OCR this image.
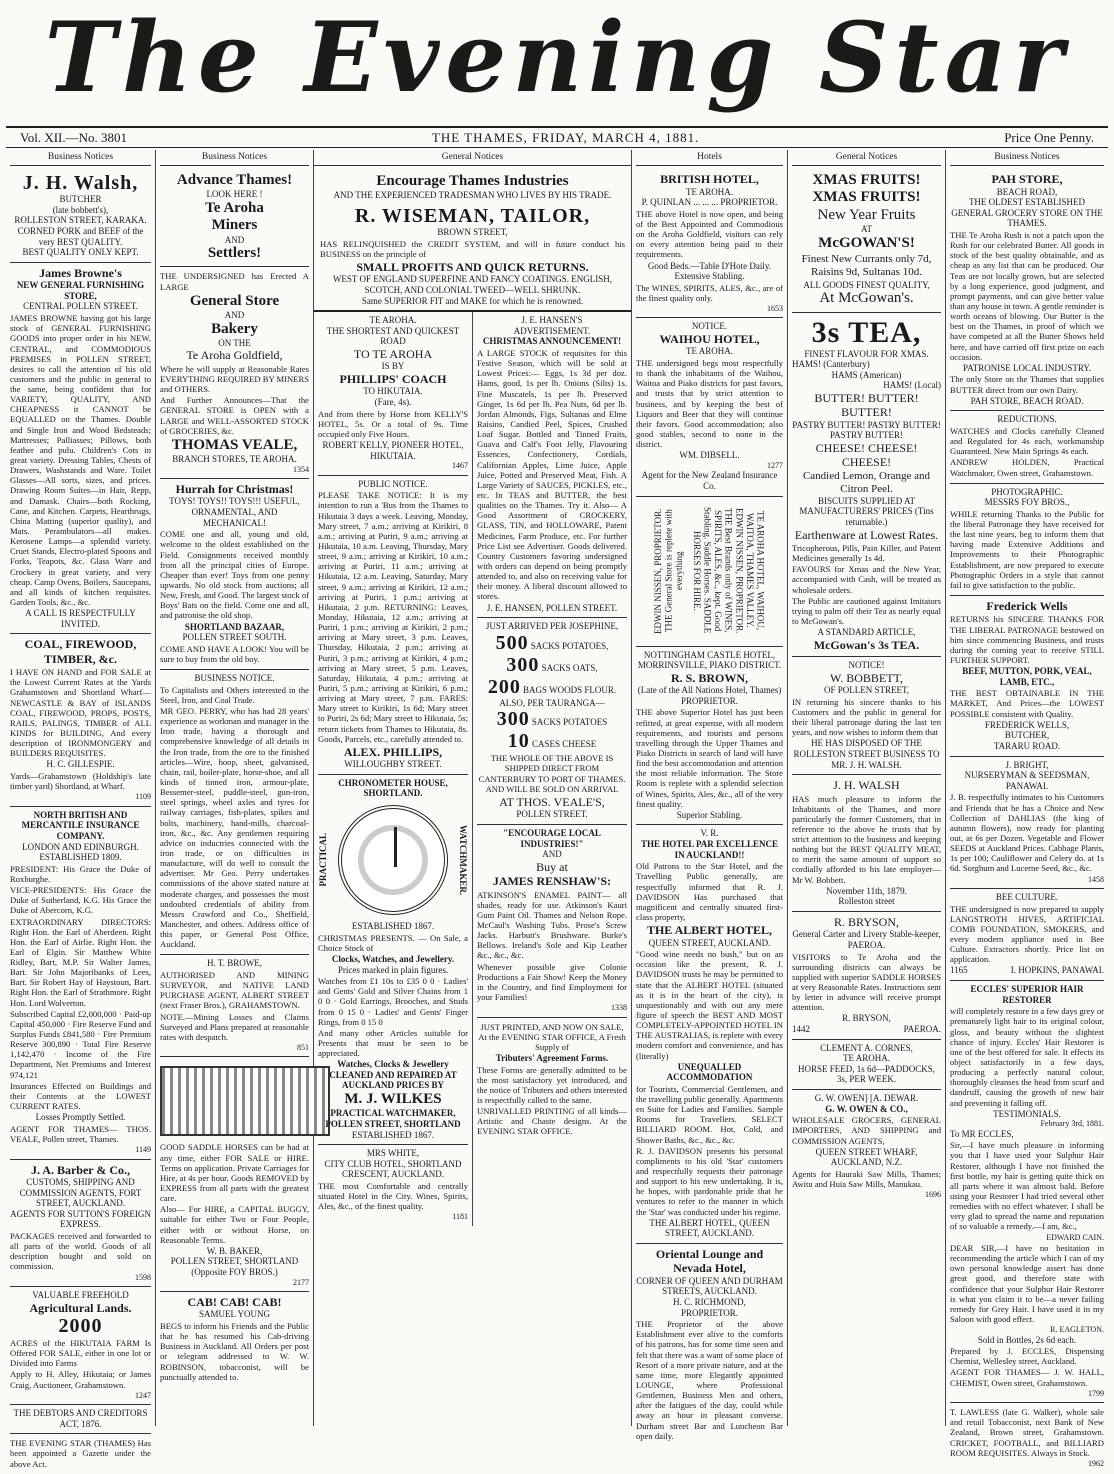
The Evening Star
Vol. XII.—No. 3801	THE THAMES, FRIDAY, MARCH 4, 1881.	Price One Penny.
Business Notices
J. H. Walsh,
BUTCHER
(late bobbett's),
ROLLESTON STREET, KARAKA.
CORNED PORK and BEEF of the very BEST QUALITY.
BEST QUALITY ONLY KEPT.
James Browne's
NEW GENERAL FURNISHING STORE,
CENTRAL POLLEN STREET.

JAMES BROWNE having got his large stock of GENERAL FURNISHING GOODS into proper order in his NEW, CENTRAL, and COMMODIOUS PREMISES in POLLEN STREET, desires to call the attention of his old customers and the public in general to the same, being confident that for VARIETY, QUALITY, AND CHEAPNESS it CANNOT be EQUALLED on the Thames. Double and Single Iron and Wood Bedsteads; Mattresses; Palliasses; Pillows, both feather and pulu. Children's Cots in great variety. Dressing Tables, Chests of Drawers, Washstands and Ware. Toilet Glasses—All sorts, sizes, and prices. Drawing Room Suites—in Hair, Repp, and Damask. Chairs—both Rocking, Cane, and Kitchen. Carpets, Hearthrugs, China Matting (superior quality), and Mats. Perambulators—all makes. Kerosene Lamps—a splendid variety. Cruet Stands, Electro-plated Spoons and Forks, Teapots, &c. Glass Ware and Crockery in great variety, and very cheap. Camp Ovens, Boilers, Saucepans, and all kinds of kitchen requisites. Garden Tools, &c., &c.

A CALL IS RESPECTFULLY INVITED.
COAL, FIREWOOD, TIMBER, &c.

I HAVE ON HAND and FOR SALE at the Lowest Current Rates at the Yards Grahamstown and Shortland Wharf— NEWCASTLE & BAY of ISLANDS COAL, FIREWOOD, PROPS, POSTS, RAILS, PALINGS, TIMBER of ALL KINDS for BUILDING, And every description of IRONMONGERY and BUILDERS REQUISITES.

H. C. GILLESPIE.

Yards—Grahamstown (Holdship's late timber yard) Shortland, at Wharf.

1109
NORTH BRITISH AND MERCANTILE INSURANCE COMPANY.
LONDON AND EDINBURGH.
ESTABLISHED 1809.

PRESIDENT: His Grace the Duke of Roxburghe.

VICE-PRESIDENTS: His Grace the Duke of Sutherland, K.G. His Grace the Duke of Abercorn, K.G.

EXTRAORDINARY DIRECTORS: Right Hon. the Earl of Aberdeen. Right Hon. the Earl of Airlie. Right Hon. the Earl of Elgin. Sir Matthew White Ridley, Bart, M.P. Sir Walter James, Bart. Sir John Majoribanks of Lees, Bart. Sir Robert Hay of Haystoun, Bart. Right Hon. the Earl of Strathmore. Right Hon. Lord Wolverton.

Subscribed Capital £2,000,000 · Paid-up Capital 450,000 · Fire Reserve Fund and Surplus Funds £841,580 · Fire Premium Reserve 300,890 · Total Fire Reserve 1,142,470 · Income of the Fire Department, Net Premiums and Interest 974,121

Insurances Effected on Buildings and their Contents at the LOWEST CURRENT RATES.

Losses Promptly Settled.

AGENT FOR THAMES— THOS. VEALE, Pollen street, Thames.

1149
J. A. Barber & Co.,
CUSTOMS, SHIPPING AND COMMISSION AGENTS, FORT STREET, AUCKLAND.
AGENTS FOR SUTTON'S FOREIGN EXPRESS.

PACKAGES received and forwarded to all parts of the world. Goods of all description bought and sold on commission.

1598
VALUABLE FREEHOLD
Agricultural Lands.
2000

ACRES of the HIKUTAIA FARM Is Offered FOR SALE, either in one lot or Divided into Farms

Apply to H. Alley, Hikutaia; or James Craig, Auctioneer, Grahamstown.

1247
THE DEBTORS AND CREDITORS ACT, 1876.

THE EVENING STAR (THAMES) Has been appointed a Gazette under the above Act.

Business Notices
Advance Thames!
LOOK HERE !
Te Aroha
Miners
AND
Settlers!

THE UNDERSIGNED has Erected A LARGE

General Store
AND
Bakery
ON THE
Te Aroha Goldfield,

Where he will supply at Reasonable Rates EVERYTHING REQUIRED BY MINERS and OTHERS.

And Further Announces—That the GENERAL STORE is OPEN with a LARGE and WELL-ASSORTED STOCK of GROCERIES, &c.

THOMAS VEALE,
BRANCH STORES, TE AROHA.
1354
Hurrah for Christmas!
TOYS! TOYS!! TOYS!!! USEFUL, ORNAMENTAL, AND MECHANICAL!

COME one and all, young and old, welcome to the oldest established on the Field. Consignments received monthly from all the principal cities of Europe. Cheaper than ever! Toys from one penny upwards. No old stock from auctions; all New, Fresh, and Good. The largest stock of Boys' Bats on the field. Come one and all, and patronise the old shop.

SHORTLAND BAZAAR,
POLLEN STREET SOUTH.

COME AND HAVE A LOOK! You will be sure to buy from the old boy.

BUSINESS NOTICE.

To Capitalists and Others interested in the Steel, Iron, and Coal Trade.

MR GEO. PERRY, who has had 28 years' experience as workman and manager in the Iron trade, having a thorough and comprehensive knowledge of all details in the Iron trade, from the ore to the finished articles—Wire, hoop, sheet, galvanised, chain, rail, boiler-plate, horse-shoe, and all kinds of tinned iron, armour-plate, Bessemer-steel, puddle-steel, gun-iron, steel springs, wheel axles and tyres for railway carriages, fish-plates, spikes and bolts, machinery, hand-mills, charcoal-iron, &c., &c. Any gentlemen requiring advice on inductries connected with the iron trade, or on difficulties in manufacture, will do well to consult the advertiser. Mr Geo. Perry undertakes commissions of the above stated nature at moderate charges, and possesses the most undoubted credentials of ability from Messrs Crawford and Co., Sheffield, Manchester, and others. Address office of this paper, or General Post Office, Auckland.

H. T. BROWE,

AUTHORISED AND MINING SURVEYOR, and NATIVE LAND PURCHASE AGENT, ALBERT STREET (next Fraser Bros.), GRAHAMSTOWN.

NOTE.—Mining Losses and Claims Surveyed and Plans prepared at reasonable rates with despatch.

851

GOOD SADDLE HORSES can be had at any time, either FOR SALE or HIRE. Terms on application. Private Carriages for Hire, at 4s per hour. Goods REMOVED by EXPRESS from all parts with the greatest care.

Also— For HIRE, a CAPITAL BUGGY, suitable for either Two or Four People, either with or without Horse, on Reasonable Terms.

W. B. BAKER,
POLLEN STREET, SHORTLAND (Opposite FOY BROS.)
2177
CAB! CAB! CAB!
SAMUEL YOUNG

BEGS to inform his Friends and the Public that he has resumed his Cab-driving Business in Auckland. All Orders per post or telegram addressed to W. W. ROBINSON, tobacconist, will be punctually attended to.

General Notices
Encourage Thames Industries
AND THE EXPERIENCED TRADESMAN WHO LIVES BY HIS TRADE.
R. WISEMAN, TAILOR,
BROWN STREET,

HAS RELINQUISHED the CREDIT SYSTEM, and will in future conduct his BUSINESS on the principle of

SMALL PROFITS AND QUICK RETURNS.
WEST OF ENGLAND SUPERFINE AND FANCY COATINGS. ENGLISH, SCOTCH, AND COLONIAL TWEED—WELL SHRUNK.
Same SUPERIOR FIT and MAKE for which he is renowned.
TE AROHA.
THE SHORTEST AND QUICKEST ROAD
TO TE AROHA
IS BY
PHILLIPS' COACH
TO HIKUTAIA.
(Fare, 4s).

And from there by Horse from KELLY'S HOTEL, 5s. Or a total of 9s. Time occupied only Five Hours.

ROBERT KELLY, PIONEER HOTEL, HIKUTAIA.
1467
PUBLIC NOTICE.

PLEASE TAKE NOTICE: It is my intention to run a 'Bus from the Thames to Hikutaia 3 days a week. Leaving, Monday, Mary street, 7 a.m.; arriving at Kirikiri, 8 a.m.; arriving at Puriri, 9 a.m.; arriving at Hikutaia, 10 a.m. Leaving, Thursday, Mary street, 9 a.m.; arriving at Kirikiri, 10 a.m.; arriving at Puriri, 11 a.m.; arriving at Hikutaia, 12 a.m. Leaving, Saturday, Mary street, 9 a.m.; arriving at Kirikiri, 12 a.m.; arriving at Puriri, 1 p.m.; arriving at Hikutaia, 2 p.m. RETURNING: Leaves, Monday, Hikutaia, 12 a.m.; arriving at Puriri, 1 p.m.; arriving at Kirikiri, 2 p.m.; arriving at Mary street, 3 p.m. Leaves, Thursday, Hikutaia, 2 p.m.; arriving at Puriri, 3 p.m.; arriving at Kirikiri, 4 p.m.; arriving at Mary street, 5 p.m. Leaves, Saturday, Hikutaia, 4 p.m.; arriving at Puriri, 5 p.m.; arriving at Kirikiri, 6 p.m.; arriving at Mary street, 7 p.m. FARES: Mary street to Kirikiri, 1s 6d; Mary street to Puriri, 2s 6d; Mary street to Hikutaia, 5s; return tickets from Thames to Hikutaia, 8s. Goods, Parcels, etc., carefully attended to.

ALEX. PHILLIPS,
WILLOUGHBY STREET.
CHRONOMETER HOUSE, SHORTLAND.
PRACTICAL	WATCHMAKER.
ESTABLISHED 1867.

CHRISTMAS PRESENTS. — On Sale, a Choice Stock of

Clocks, Watches, and Jewellery.
Prices marked in plain figures.

Watches from £1 10s to £35 0 0 · Ladies' and Gents' Gold and Silver Chains from 1 0 0 · Gold Earrings, Brooches, and Studs from 0 15 0 · Ladies' and Gents' Finger Rings, from 0 15 0

And many other Articles suitable for Presents that must be seen to be appreciated.

Watches, Clocks & Jewellery CLEANED AND REPAIRED AT AUCKLAND PRICES BY
M. J. WILKES
PRACTICAL WATCHMAKER, POLLEN STREET, SHORTLAND
ESTABLISHED 1867.
MRS WHITE,
CITY CLUB HOTEL, SHORTLAND CRESCENT, AUCKLAND.

THE most Comfortable and centrally situated Hotel in the City. Wines, Spirits, Ales, &c., of the finest quality.

1181
J. E. HANSEN'S
ADVERTISEMENT.
CHRISTMAS ANNOUNCEMENT!

A LARGE STOCK of requisites for this Festive Season, which will be sold at Lowest Prices:— Eggs, 1s 3d per doz. Hams, good, 1s per lb. Onions (Silts) 1s. Fine Muscatels, 1s per lb. Preserved Ginger, 1s 6d per lb. Pea Nuts, 6d per lb. Jordan Almonds, Figs, Sultanas and Elme Raisins, Candied Peel, Spices, Crushed Loaf Sugar. Bottled and Tinned Fruits, Guava and Calf's Foot Jelly, Flavouring Essences, Confectionery, Cordials, Californian Apples, Lime Juice, Apple Juice, Potted and Preserved Meat, Fish. A Large Variety of SAUCES, PICKLES, etc., etc. In TEAS and BUTTER, the best qualities on the Thames. Try it. Also— A Good Assortment of CROCKERY, GLASS, TIN, and HOLLOWARE, Patent Medicines, Farm Produce, etc. For further Price List see Advertiser. Goods delivered. Country Customers favoring undersigned with orders can depend on being promptly attended to, and also on receiving value for their money. A liberal discount allowed to stores.

J. E. HANSEN, POLLEN STREET.
JUST ARRIVED PER JOSEPHINE,
500 SACKS POTATOES,
300 SACKS OATS,
200 BAGS WOODS FLOUR.
ALSO, PER TAURANGA—
300 SACKS POTATOES
10 CASES CHEESE

THE WHOLE OF THE ABOVE IS SHIPPED DIRECT FROM CANTERBURY TO PORT OF THAMES. AND WILL BE SOLD ON ARRIVAL

AT THOS. VEALE'S,
POLLEN STREET.
"ENCOURAGE LOCAL INDUSTRIES!"
AND
Buy at
JAMES RENSHAW'S:

ATKINSON'S ENAMEL PAINT— all shades, ready for use. Atkinson's Kauri Gum Paint Oil. Thames and Nelson Rope. McCaul's Washing Tubs. Prose's Screw Jacks. Harbutt's Brushware. Burke's Bellows. Ireland's Sole and Kip Leather &c., &c., &c.

Whenever possible give Colonie Productions a Fair Show! Keep the Money in the Country, and find Employment for your Families!

1338

JUST PRINTED, AND NOW ON SALE, At the EVENING STAR OFFICE, A Fresh Supply of

Tributers' Agreement Forms.

These Forms are generally admitted to be the most satisfactory yet introduced, and the notice of Tributers and others interested is respectfully called to the same.

UNRIVALLED PRINTING of all kinds—Artistic and Chaste designs. At the EVENING STAR OFFICE.

Hotels
BRITISH HOTEL,
TE AROHA.
P. QUINLAN ... ... ... PROPRIETOR.

THE above Hotel is now open, and being of the Best Appointed and Commodious on the Aroha Goldfield, visitors can rely on every attention being paid to their requirements.

Good Beds.—Table D'Hote Daily.
Extensive Stabling.

The WINES, SPIRITS, ALES, &c., are of the finest quality only.

1653
NOTICE.
WAIHOU HOTEL,
TE AROHA.

THE undersigned begs most respectfully to thank the inhabitants of the Waihou, Waitoa and Piako districts for past favors, and trusts that by strict attention to business, and by keeping the best of Liquors and Beer that they will continue their favors. Good accommodation; also good stables, second to none in the district.

WM. DIBSELL.
1277
Agent for the New Zealand Insurance Co.
EDWIN NISSEN, PROPRIETOR. THE General Store is replete with everything	TE AROHA HOTEL, WAIHOU, WAITOA, THAMES VALLEY. EDWIN NISSEN, PROPRIETOR. THE Best Brands only of WINES, SPIRITS, ALES, &c., kept. Good Stabling. Saddle Horses. SADDLE HORSES FOR HIRE.
NOTTINGHAM CASTLE HOTEL, MORRINSVILLE, PIAKO DISTRICT.
R. S. BROWN,
(Late of the All Nations Hotel, Thames) PROPRIETOR.

THE above Superior Hotel has just been refitted, at great expense, with all modern requirements, and tourists and persons travelling through the Upper Thames and Piako Districts in search of land will have find the best accommodation and attention the most reliable information. The Store Room is replete with a splendid selection of Wines, Spirits, Ales, &c., all of the very finest quality.

Superior Stabling.
V. R.
THE HOTEL PAR EXCELLENCE IN AUCKLAND!!

Old Patrons to the Star Hotel, and the Travelling Public generally, are respectfully informed that R. J. DAVIDSON Has purchased that magnificent and centrally situated first-class property,

THE ALBERT HOTEL,
QUEEN STREET, AUCKLAND.

"Good wine needs no bush," but on an occasion like the present, R. J. DAVIDSON trusts he may be permitted to state that the ALBERT HOTEL (situated as it is in the heart of the city), is unquestionably and with out any mere figure of speech the BEST AND MOST COMPLETELY-APPOINTED HOTEL IN THE AUSTRALIAS, is replete with every modern comfort and convenience, and has (literally)

UNEQUALLED ACCOMMODATION

for Tourists, Commercial Gentlemen, and the travelling public generally. Apartments en Suite for Ladies and Families. Sample Rooms for Travellers. SELECT BILLIARD ROOM. Hot, Cold, and Shower Baths, &c., &c., &c.

R. J. DAVIDSON presents his personal compliments to his old 'Star' customers and respectfully requests their patronage and support to his new undertaking. It is, he hopes, with pardonable pride that he ventures to refer to the manner in which the 'Star' was conducted under his regime.

THE ALBERT HOTEL, QUEEN STREET, AUCKLAND.
Oriental Lounge and Nevada Hotel,
CORNER OF QUEEN AND DURHAM STREETS, AUCKLAND.
H. C. RICHMOND,
PROPRIETOR.

THE Proprietor of the above Establishment ever alive to the comforts of his patrons, has for some time seen and felt that there was a want of some place of Resort of a more private nature, and at the same time, more Elegantly appointed LOUNGE, where Professional Gentlemen, Business Men and others, after the fatigues of the day, could while away an hour in pleasant converse. Durham street Bar and Luncheon Bar open daily.

General Notices
XMAS FRUITS!
XMAS FRUITS!
New Year Fruits
AT
McGOWAN'S!

Finest New Currants only 7d, Raisins 9d, Sultanas 10d.

ALL GOODS FINEST QUALITY,
At McGowan's.
3s TEA,
FINEST FLAVOUR FOR XMAS.
HAMS! (Canterbury)
HAMS (American)
HAMS! (Local)
BUTTER! BUTTER! BUTTER!
PASTRY BUTTER! PASTRY BUTTER! PASTRY BUTTER!
CHEESE! CHEESE! CHEESE!
Candied Lemon, Orange and Citron Peel.
BISCUITS SUPPLIED AT MANUFACTURERS' PRICES (Tins returnable.)
Earthenware at Lowest Rates.

Tricopherous, Pills, Pain Killer, and Patent Medicines generally 1s 4d.

FAVOURS for Xmas and the New Year, accompanied with Cash, will be treated as wholesale orders.

The Public are cautioned against Imitators trying to palm off their Tea as nearly equal to McGowan's.

A STANDARD ARTICLE,
McGowan's 3s TEA.
NOTICE!
W. BOBBETT,
OF POLLEN STREET,

IN returning his sincere thanks to his Customers and the public in general for their liberal patronage during the last ten years, and now wishes to inform them that

HE HAS DISPOSED OF THE ROLLESTON STREET BUSINESS TO MR. J. H. WALSH.
J. H. WALSH

HAS much pleasure to inform the Inhabitants of the Thames, and more particularly the former Customers, that in reference to the above he trusts that by strict attention to the business and keeping nothing but the BEST QUALITY MEAT, to merit the same amount of support so cordially afforded to his late employer—Mr W. Bobbett.

November 11th, 1879.
Rolleston street
R. BRYSON,
General Carter and Livery Stable-keeper, PAEROA.

VISITORS to Te Aroha and the surrounding districts can always be supplied with superior SADDLE HORSES at very Reasonable Rates. Instructions sent by letter in advance will receive prompt attention.

R. BRYSON,
1442	PAEROA.
CLEMENT A. CORNES,
TE AROHA.
HORSE FEED, 1s 6d—PADDOCKS, 3s, PER WEEK.
G. W. OWEN] [A. DEWAR.
G. W. OWEN & CO.,

WHOLESALE GROCERS, GENERAL IMPORTERS, AND SHIPPING and COMMISSION AGENTS,

QUEEN STREET WHARF, AUCKLAND, N.Z.

Agents for Hauraki Saw Mills, Thames; Awitu and Huia Saw Mills, Manukau.

1696
Business Notices
PAH STORE,
BEACH ROAD,
THE OLDEST ESTABLISHED GENERAL GROCERY STORE ON THE THAMES.

THE Te Aroha Rush is not a patch upon the Rush for our celebrated Butter. All goods in stock of the best quality obtainable, and as cheap as any list that can be produced. Our Teas are not locally grown, but are selected by a long experience, good judgment, and prompt payments, and can give better value than any house in town. A gentle reminder is worth oceans of blowing. Our Butter is the best on the Thames, in proof of which we have competed at all the Butter Shows held here, and have carried off first prize on each occasion.

PATRONISE LOCAL INDUSTRY.

The only Store on the Thames that supplies BUTTER direct from our own Dairy.

PAH STORE, BEACH ROAD.
REDUCTIONS.

WATCHES and Clocks carefully Cleaned and Regulated for 4s each, workmanship Guaranteed. New Main Springs 4s each.

ANDREW HOLDEN, Practical Watchmaker, Owen street, Grahamstown.

PHOTOGRAPHIC.
MESSRS FOY BROS.,

WHILE returning Thanks to the Public for the liberal Patronage they have received for the last nine years, beg to inform them that having made Extensive Additions and Improvements to their Photographic Establishment, are now prepared to execute Photographic Orders in a style that cannot fail to give satisfaction to the public.

Frederick Wells

RETURNS his SINCERE THANKS FOR THE LIBERAL PATRONAGE bestowed on him since commencing Business, and trusts during the coming year to receive STILL FURTHER SUPPORT.

BEEF, MUTTON, PORK, VEAL, LAMB, ETC.,

THE BEST OBTAINABLE IN THE MARKET, And Prices—the LOWEST POSSIBLE consistent with Quality.

FREDERICK WELLS,
BUTCHER,
TARARU ROAD.
J. BRIGHT,
NURSERYMAN & SEEDSMAN, PANAWAI.

J. B. respectfully intimates to his Customers and Friends that he has a Choice and New Collection of DAHLIAS (the king of autumn flowers), now ready for planting out, at 6s per Dozen. Vegetable and Flower SEEDS at Auckland Prices. Cabbage Plants, 1s per 100; Cauliflower and Celery do. at 1s 6d. Sorghum and Lucerne Seed, &c., &c.

1458
BEE CULTURE.

THE undersigned is now prepared to supply LANGSTROTH HIVES, ARTIFICIAL COMB FOUNDATION, SMOKERS, and every modern appliance used in Bee Culture. Extractors shortly. Price list on application.

1165	I. HOPKINS, PANAWAI.
ECCLES' SUPERIOR HAIR RESTORER

will completely restore in a few days grey or prematurely light hair to its original colour, gloss, and beauty without the slightest chance of injury. Eccles' Hair Restorer is one of the best offered for sale. It effects its object satisfactorily in a few days, producing a perfectly natural colour, thoroughly cleanses the head from scurf and dandruff, causing the growth of new hair and preventing it falling off.

TESTIMONIALS.
February 3rd, 1881.
To MR ECCLES,

Sir,—I have much pleasure in informing you that I have used your Sulphur Hair Restorer, although I have not finished the first bottle, my hair is getting quite thick on all parts where it was almost bald. Before using your Restorer I had tried several other remedies with no effect whatever. I shall be very glad to spread the name and reputation of so valuable a remedy.—I am, &c.,

EDWARD CAIN.

DEAR SIR,—I have no hesitation in recommending the article which I can of my own personal knowledge assert has done great good, and therefore state with confidence that your Sulphur Hair Restorer is what you claim it to be—a never failing remedy for Grey Hair. I have used it in my Saloon with good effect.

R. EAGLETON.
Sold in Bottles, 2s 6d each.

Prepared by J. ECCLES, Dispensing Chemist, Wellesley street, Auckland.

AGENT FOR THAMES— J. W. HALL, CHEMIST, Owen street, Grahamstown.

1799

T. LAWLESS (late G. Walker), whole sale and retail Tobacconist, next Bank of New Zealand, Brown street, Grahamstown. CRICKET, FOOTBALL, and BILLIARD ROOM REQUISITES. Always in Stock.

1962
